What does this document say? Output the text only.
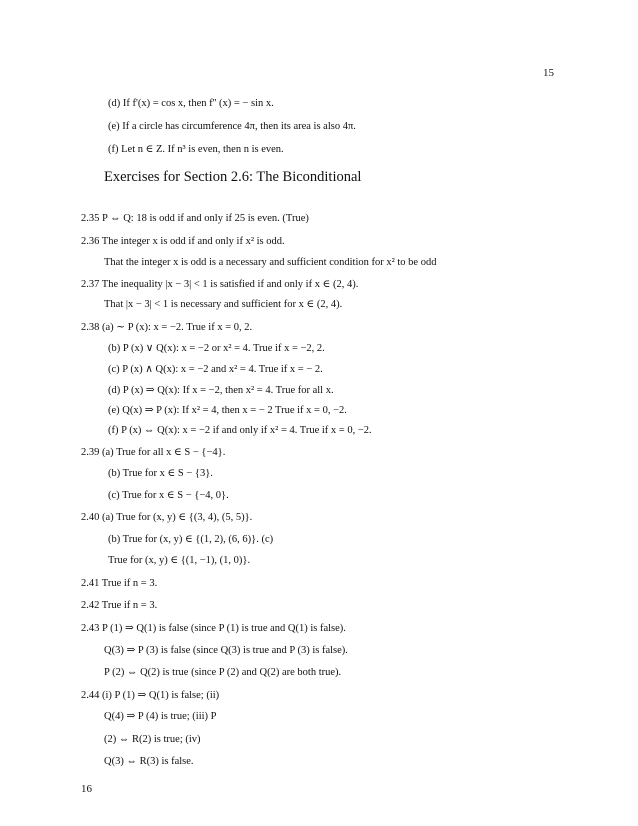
15
(d) If f'(x) = cos x, then f'' (x) = − sin x.
(e) If a circle has circumference 4π, then its area is also 4π.
(f) Let n ∈ Z. If n³ is even, then n is even.
Exercises for Section 2.6: The Biconditional
2.35 P ⇔ Q: 18 is odd if and only if 25 is even. (True)
2.36 The integer x is odd if and only if x² is odd.
That the integer x is odd is a necessary and sufficient condition for x² to be odd
2.37 The inequality |x − 3| < 1 is satisfied if and only if x ∈ (2, 4).
That |x − 3| < 1 is necessary and sufficient for x ∈ (2, 4).
2.38 (a) ∼ P (x): x = −2. True if x = 0, 2.
(b) P (x) ∨ Q(x): x = −2 or x² = 4. True if x = −2, 2.
(c) P (x) ∧ Q(x): x = −2 and x² = 4. True if x = − 2.
(d) P (x) ⇒ Q(x): If x = −2, then x² = 4. True for all x.
(e) Q(x) ⇒ P (x): If x² = 4, then x = − 2 True if x = 0, −2.
(f) P (x) ⇔ Q(x): x = −2 if and only if x² = 4. True if x = 0, −2.
2.39 (a) True for all x ∈ S − {−4}.
(b) True for x ∈ S − {3}.
(c) True for x ∈ S − {−4, 0}.
2.40 (a) True for (x, y) ∈ {(3, 4), (5, 5)}.
(b) True for (x, y) ∈ {(1, 2), (6, 6)}. (c)
True for (x, y) ∈ {(1, −1), (1, 0)}.
2.41 True if n = 3.
2.42 True if n = 3.
2.43 P (1) ⇒ Q(1) is false (since P (1) is true and Q(1) is false).
Q(3) ⇒ P (3) is false (since Q(3) is true and P (3) is false).
P (2) ⇔ Q(2) is true (since P (2) and Q(2) are both true).
2.44 (i) P (1) ⇒ Q(1) is false; (ii)
Q(4) ⇒ P (4) is true; (iii) P
(2) ⇔ R(2) is true; (iv)
Q(3) ⇔ R(3) is false.
16
